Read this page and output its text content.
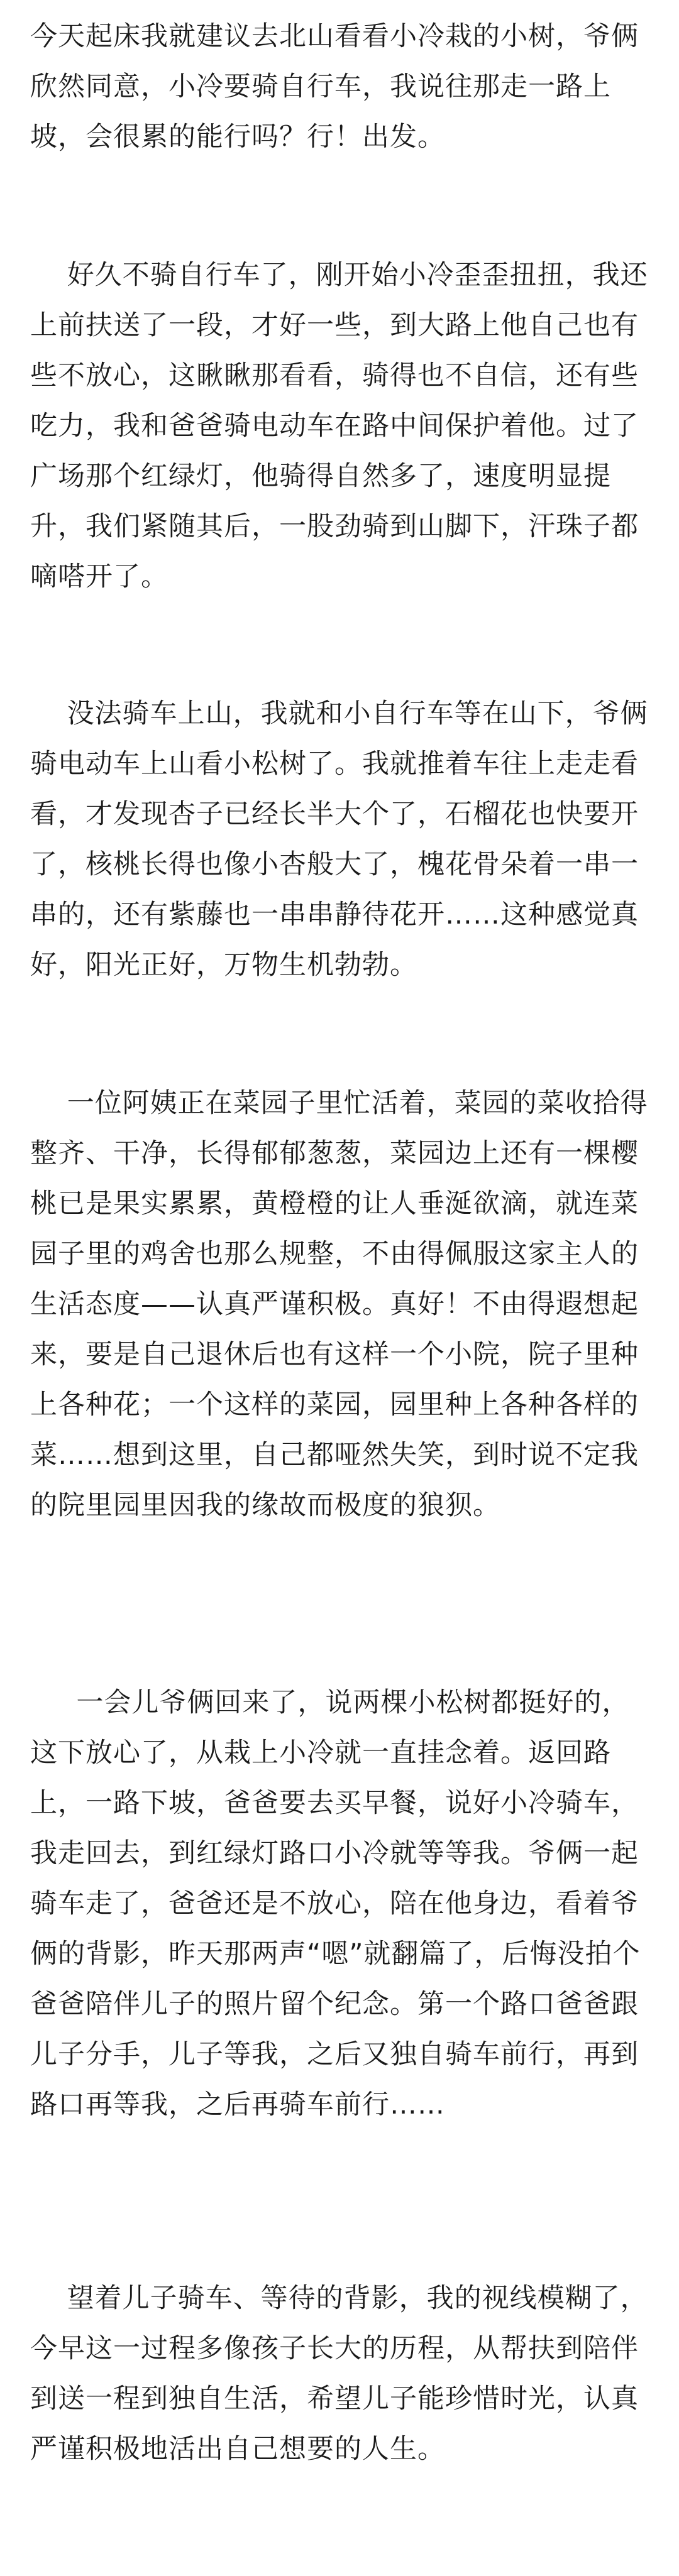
今天起床我就建议去北山看看小冷栽的小树，爷俩欣然同意，小冷要骑自行车，我说往那走一路上坡，会很累的能行吗？行！出发。

好久不骑自行车了，刚开始小冷歪歪扭扭，我还上前扶送了一段，才好一些，到大路上他自己也有些不放心，这瞅瞅那看看，骑得也不自信，还有些吃力，我和爸爸骑电动车在路中间保护着他。过了广场那个红绿灯，他骑得自然多了，速度明显提升，我们紧随其后，一股劲骑到山脚下，汗珠子都嘀嗒开了。

没法骑车上山，我就和小自行车等在山下，爷俩骑电动车上山看小松树了。我就推着车往上走走看看，才发现杏子已经长半大个了，石榴花也快要开了，核桃长得也像小杏般大了，槐花骨朵着一串一串的，还有紫藤也一串串静待花开……这种感觉真好，阳光正好，万物生机勃勃。

一位阿姨正在菜园子里忙活着，菜园的菜收拾得整齐、干净，长得郁郁葱葱，菜园边上还有一棵樱桃已是果实累累，黄橙橙的让人垂涎欲滴，就连菜园子里的鸡舍也那么规整，不由得佩服这家主人的生活态度——认真严谨积极。真好！不由得遐想起来，要是自己退休后也有这样一个小院，院子里种上各种花；一个这样的菜园，园里种上各种各样的菜……想到这里，自己都哑然失笑，到时说不定我的院里园里因我的缘故而极度的狼狈。

一会儿爷俩回来了，说两棵小松树都挺好的，这下放心了，从栽上小冷就一直挂念着。返回路上，一路下坡，爸爸要去买早餐，说好小冷骑车，我走回去，到红绿灯路口小冷就等等我。爷俩一起骑车走了，爸爸还是不放心，陪在他身边，看着爷俩的背影，昨天那两声“嗯”就翻篇了，后悔没拍个爸爸陪伴儿子的照片留个纪念。第一个路口爸爸跟儿子分手，儿子等我，之后又独自骑车前行，再到路口再等我，之后再骑车前行……

望着儿子骑车、等待的背影，我的视线模糊了，今早这一过程多像孩子长大的历程，从帮扶到陪伴到送一程到独自生活，希望儿子能珍惜时光，认真严谨积极地活出自己想要的人生。
